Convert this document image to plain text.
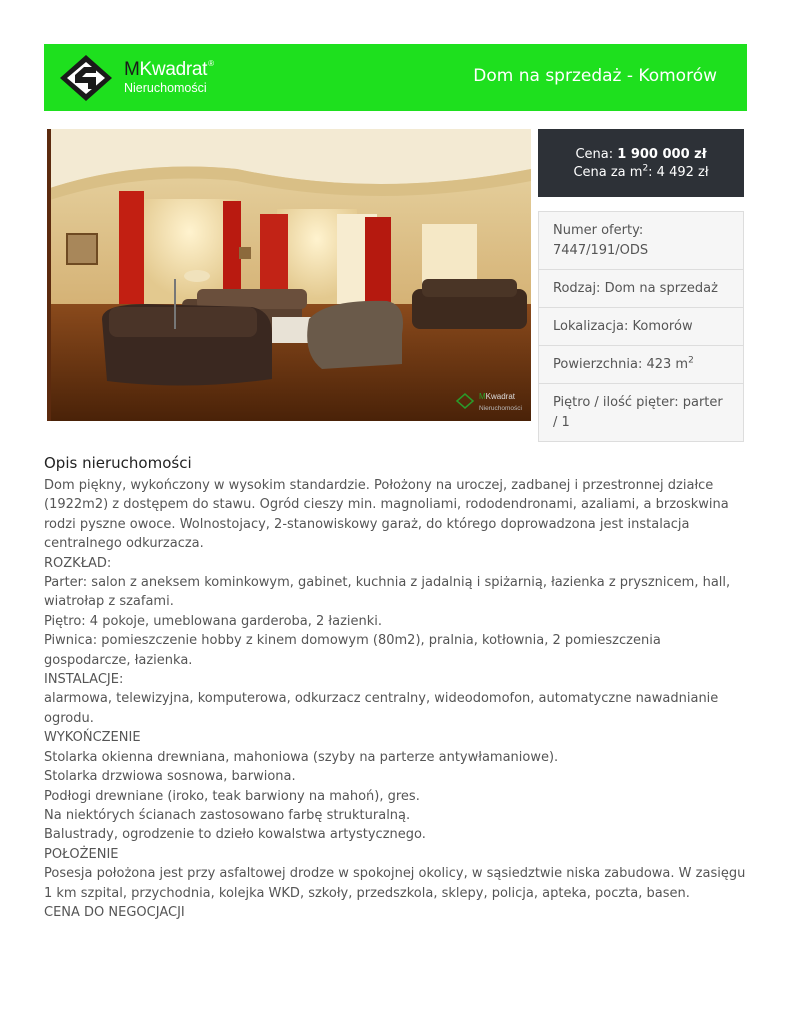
MKwadrat®
Nieruchomości
Dom na sprzedaż - Komorów
MKwadrat
Nieruchomości
Cena: 1 900 000 zł
Cena za $m^2$: 4 492 zł
Numer oferty: 7447/191/ODS
Rodzaj: Dom na sprzedaż
Lokalizacja: Komorów
Powierzchnia: 423 $m^2$
Piętro / ilość pięter: parter / 1
Opis nieruchomości

Dom piękny, wykończony w wysokim standardzie. Położony na uroczej, zadbanej i przestronnej działce (1922m2) z dostępem do stawu. Ogród cieszy min. magnoliami, rododendronami, azaliami, a brzoskwina rodzi pyszne owoce. Wolnostojacy, 2-stanowiskowy garaż, do którego doprowadzona jest instalacja centralnego odkurzacza.

ROZKŁAD:

Parter: salon z aneksem kominkowym, gabinet, kuchnia z jadalnią i spiżarnią, łazienka z prysznicem, hall, wiatrołap z szafami.

Piętro: 4 pokoje, umeblowana garderoba, 2 łazienki.

Piwnica: pomieszczenie hobby z kinem domowym (80m2), pralnia, kotłownia, 2 pomieszczenia gospodarcze, łazienka.

INSTALACJE:

alarmowa, telewizyjna, komputerowa, odkurzacz centralny, wideodomofon, automatyczne nawadnianie ogrodu.

WYKOŃCZENIE

Stolarka okienna drewniana, mahoniowa (szyby na parterze antywłamaniowe).

Stolarka drzwiowa sosnowa, barwiona.

Podłogi drewniane (iroko, teak barwiony na mahoń), gres.

Na niektórych ścianach zastosowano farbę strukturalną.

Balustrady, ogrodzenie to dzieło kowalstwa artystycznego.

POŁOŻENIE

Posesja położona jest przy asfaltowej drodze w spokojnej okolicy, w sąsiedztwie niska zabudowa. W zasięgu 1 km szpital, przychodnia, kolejka WKD, szkoły, przedszkola, sklepy, policja, apteka, poczta, basen.

CENA DO NEGOCJACJI
